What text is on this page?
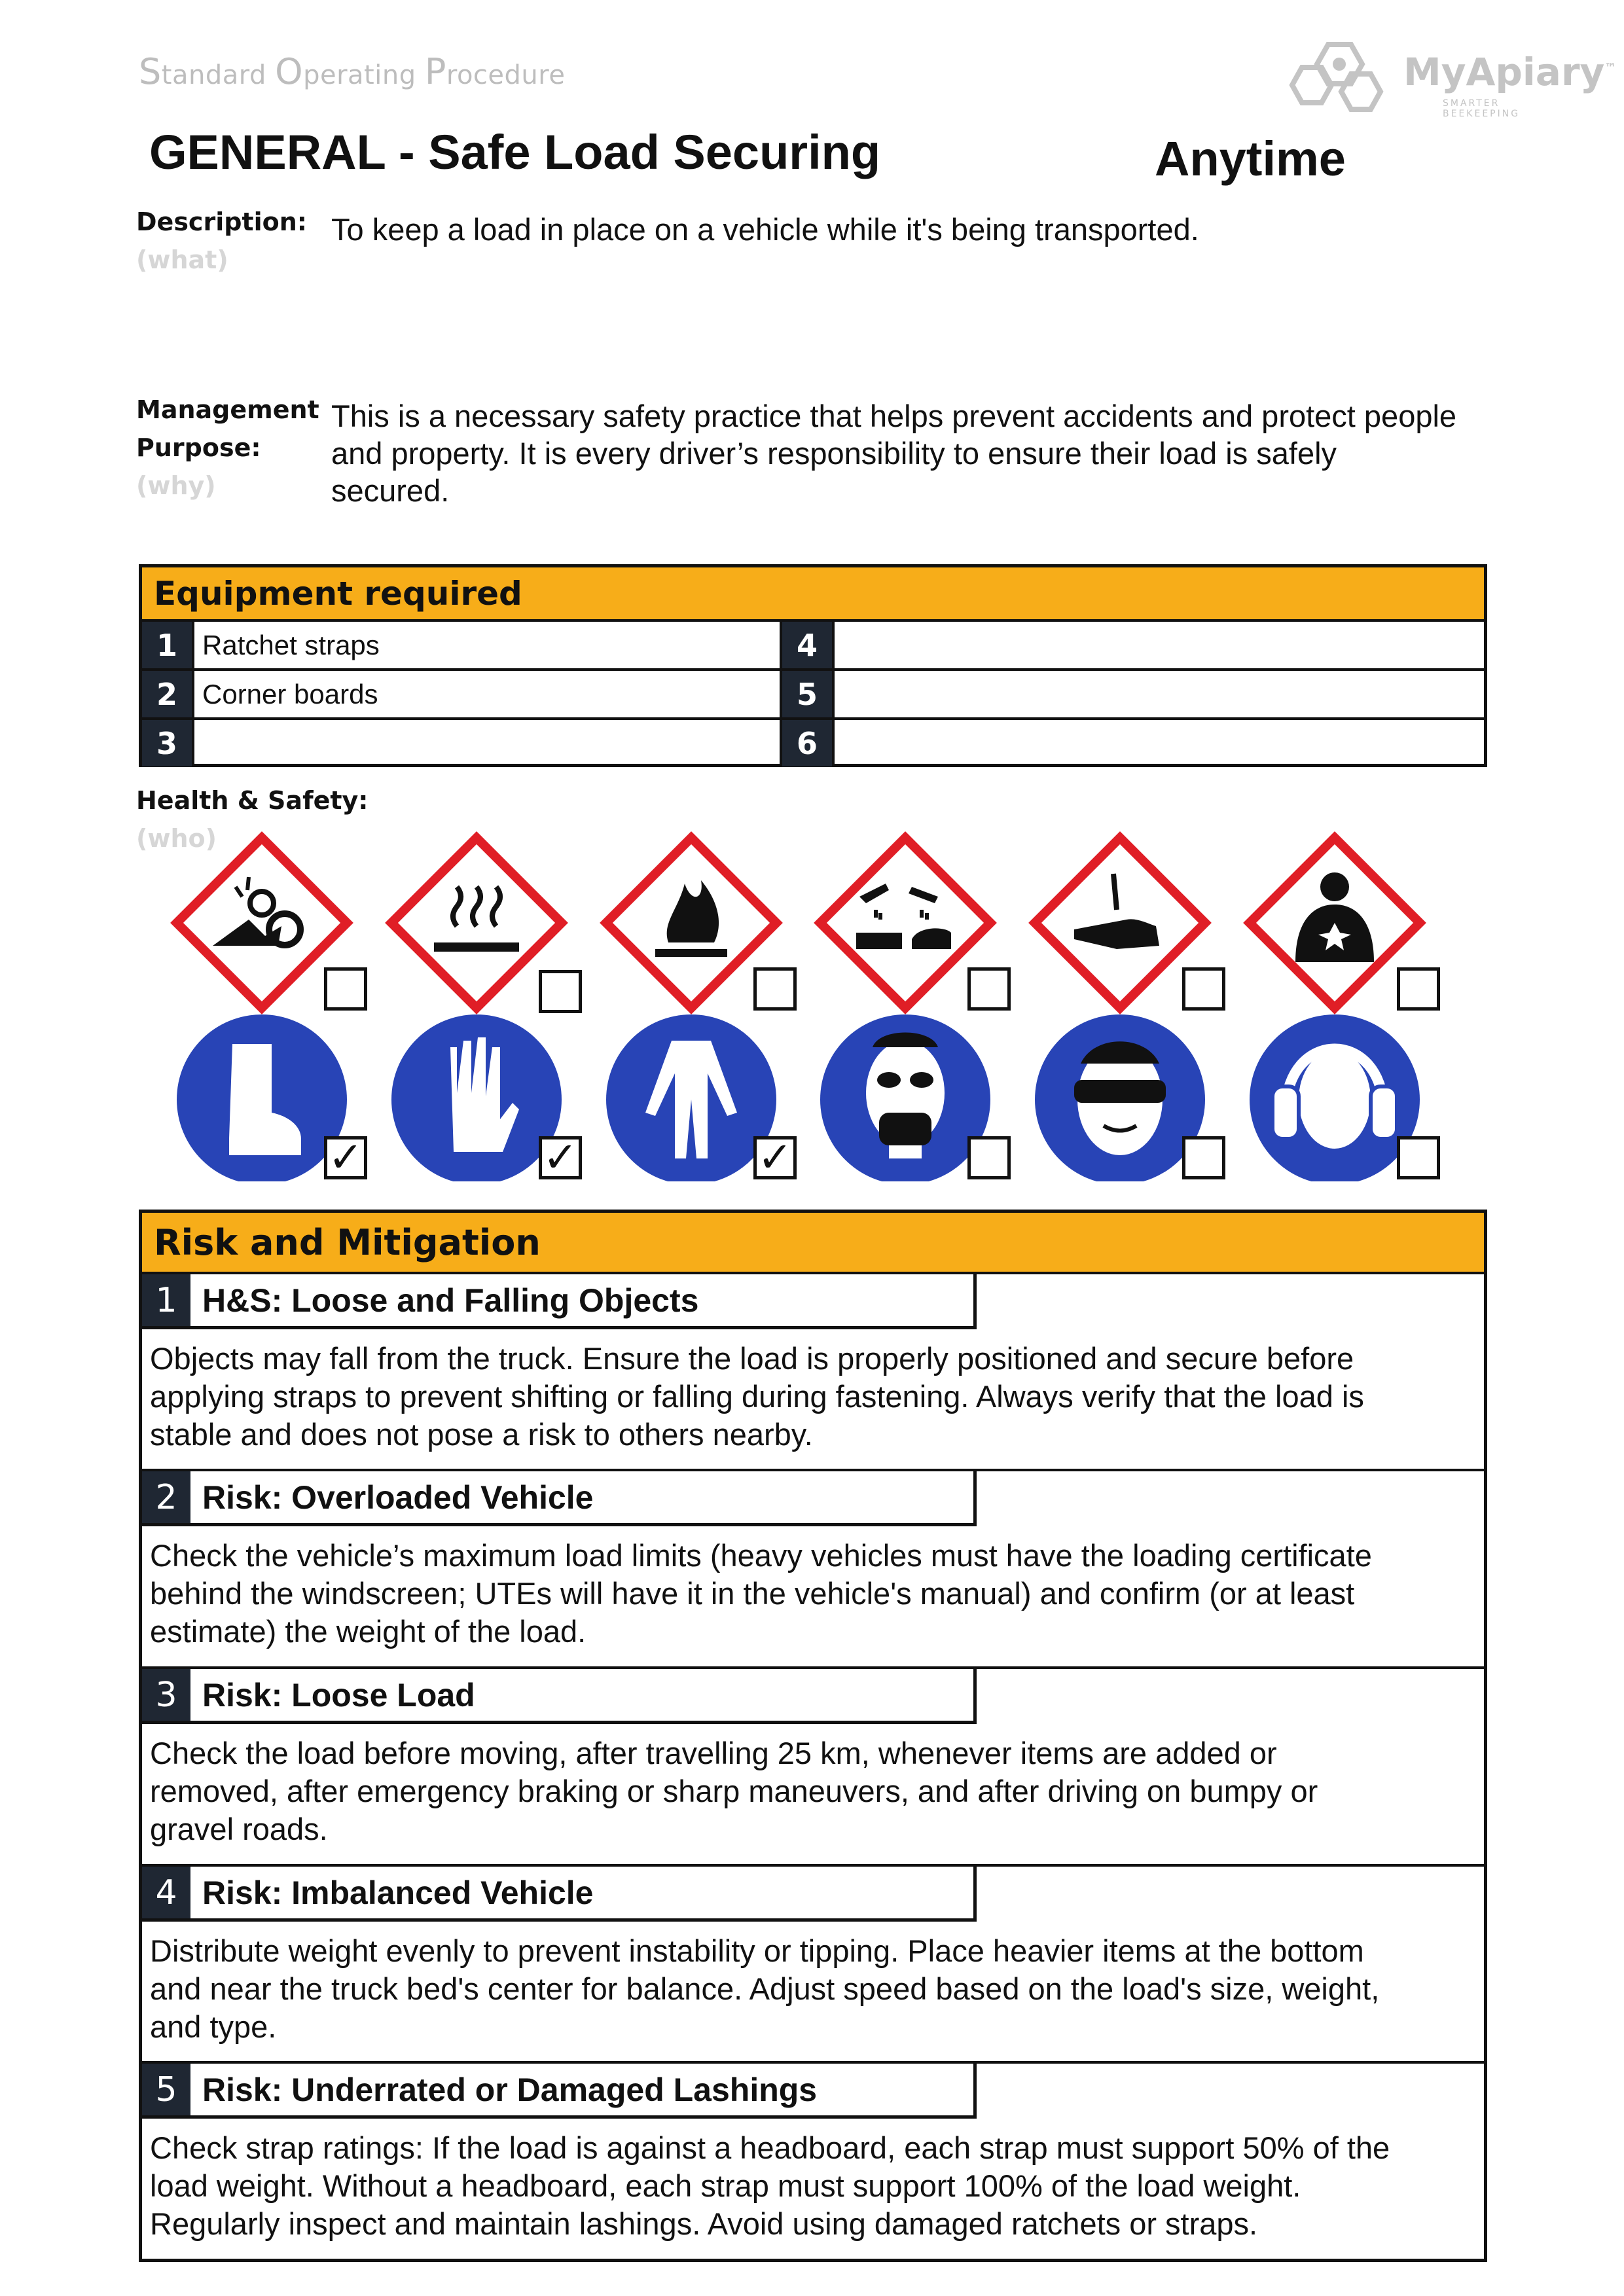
Standard Operating Procedure	MyApiary™
SMARTER BEEKEEPING
GENERAL - Safe Load Securing	Anytime
Description:
(what)
To keep a load in place on a vehicle while it's being transported.
Management
Purpose:
(why)
This is a necessary safety practice that helps prevent accidents and protect people and property. It is every driver’s responsibility to ensure their load is safely secured.
Equipment required
1 Ratchet straps	4
2 Corner boards	5
3	6
Health & Safety:
(who)
✓	✓	✓
Risk and Mitigation
1 H&S: Loose and Falling Objects
Objects may fall from the truck. Ensure the load is properly positioned and secure before
applying straps to prevent shifting or falling during fastening. Always verify that the load is
stable and does not pose a risk to others nearby.
2 Risk: Overloaded Vehicle
Check the vehicle’s maximum load limits (heavy vehicles must have the loading certificate
behind the windscreen; UTEs will have it in the vehicle's manual) and confirm (or at least
estimate) the weight of the load.
3 Risk: Loose Load
Check the load before moving, after travelling 25 km, whenever items are added or
removed, after emergency braking or sharp maneuvers, and after driving on bumpy or
gravel roads.
4 Risk: Imbalanced Vehicle
Distribute weight evenly to prevent instability or tipping. Place heavier items at the bottom
and near the truck bed's center for balance. Adjust speed based on the load's size, weight,
and type.
5 Risk: Underrated or Damaged Lashings
Check strap ratings: If the load is against a headboard, each strap must support 50% of the
load weight. Without a headboard, each strap must support 100% of the load weight.
Regularly inspect and maintain lashings. Avoid using damaged ratchets or straps.
